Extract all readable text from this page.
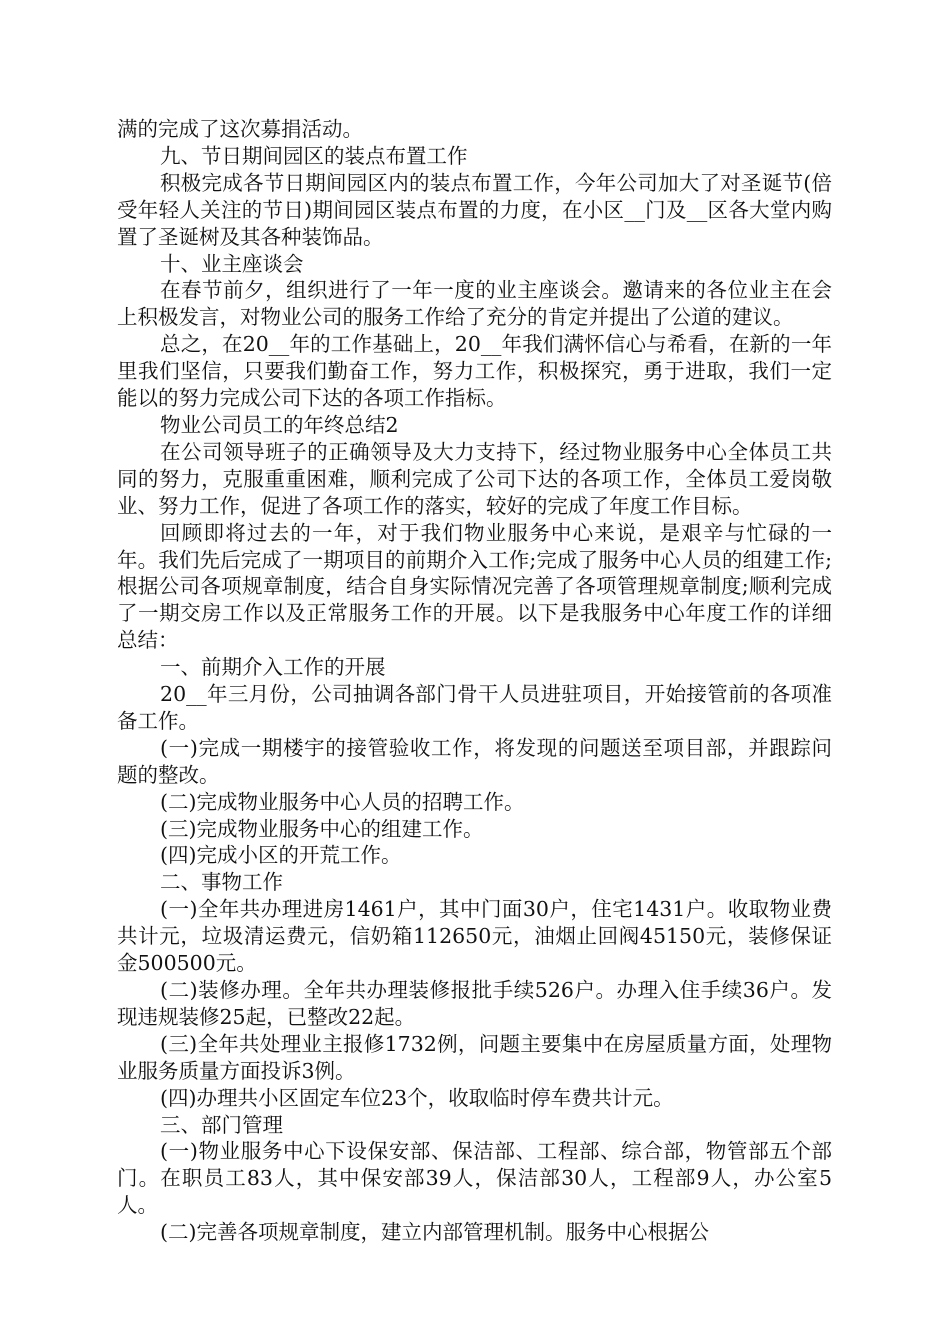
满的完成了这次募捐活动。

九、节日期间园区的装点布置工作

积极完成各节日期间园区内的装点布置工作，今年公司加大了对圣诞节(倍受年轻人关注的节日)期间园区装点布置的力度，在小区__门及__区各大堂内购置了圣诞树及其各种装饰品。

十、业主座谈会

在春节前夕，组织进行了一年一度的业主座谈会。邀请来的各位业主在会上积极发言，对物业公司的服务工作给了充分的肯定并提出了公道的建议。

总之，在20__年的工作基础上，20__年我们满怀信心与希看，在新的一年里我们坚信，只要我们勤奋工作，努力工作，积极探究，勇于进取，我们一定能以的努力完成公司下达的各项工作指标。

物业公司员工的年终总结2

在公司领导班子的正确领导及大力支持下，经过物业服务中心全体员工共同的努力，克服重重困难，顺利完成了公司下达的各项工作，全体员工爱岗敬业、努力工作，促进了各项工作的落实，较好的完成了年度工作目标。

回顾即将过去的一年，对于我们物业服务中心来说，是艰辛与忙碌的一年。我们先后完成了一期项目的前期介入工作;完成了服务中心人员的组建工作;根据公司各项规章制度，结合自身实际情况完善了各项管理规章制度;顺利完成了一期交房工作以及正常服务工作的开展。以下是我服务中心年度工作的详细总结：

一、前期介入工作的开展

20__年三月份，公司抽调各部门骨干人员进驻项目，开始接管前的各项准备工作。

(一)完成一期楼宇的接管验收工作，将发现的问题送至项目部，并跟踪问题的整改。

(二)完成物业服务中心人员的招聘工作。

(三)完成物业服务中心的组建工作。

(四)完成小区的开荒工作。

二、事物工作

(一)全年共办理进房1461户，其中门面30户，住宅1431户。收取物业费共计元，垃圾清运费元，信奶箱112650元，油烟止回阀45150元，装修保证金500500元。

(二)装修办理。全年共办理装修报批手续526户。办理入住手续36户。发现违规装修25起，已整改22起。

(三)全年共处理业主报修1732例，问题主要集中在房屋质量方面，处理物业服务质量方面投诉3例。

(四)办理共小区固定车位23个，收取临时停车费共计元。

三、部门管理

(一)物业服务中心下设保安部、保洁部、工程部、综合部，物管部五个部门。在职员工83人，其中保安部39人，保洁部30人，工程部9人，办公室5人。

(二)完善各项规章制度，建立内部管理机制。服务中心根据公
